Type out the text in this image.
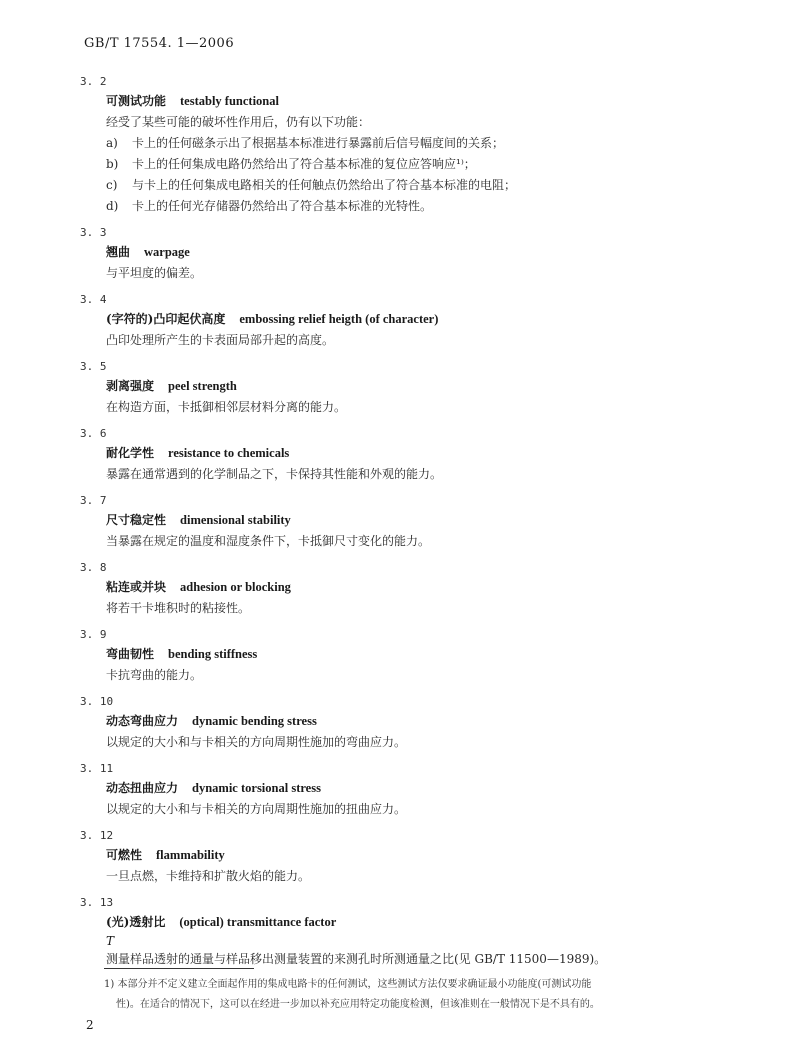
GB/T 17554. 1—2006
3. 2
可测试功能 testably functional
经受了某些可能的破坏性作用后，仍有以下功能：
a) 卡上的任何磁条示出了根据基本标准进行暴露前后信号幅度间的关系；
b) 卡上的任何集成电路仍然给出了符合基本标准的复位应答响应¹⁾；
c) 与卡上的任何集成电路相关的任何触点仍然给出了符合基本标准的电阻；
d) 卡上的任何光存储器仍然给出了符合基本标准的光特性。
3. 3
翘曲 warpage
与平坦度的偏差。
3. 4
(字符的)凸印起伏高度 embossing relief heigth (of character)
凸印处理所产生的卡表面局部升起的高度。
3. 5
剥离强度 peel strength
在构造方面，卡抵御相邻层材料分离的能力。
3. 6
耐化学性 resistance to chemicals
暴露在通常遇到的化学制品之下，卡保持其性能和外观的能力。
3. 7
尺寸稳定性 dimensional stability
当暴露在规定的温度和湿度条件下，卡抵御尺寸变化的能力。
3. 8
粘连或并块 adhesion or blocking
将若干卡堆积时的粘接性。
3. 9
弯曲韧性 bending stiffness
卡抗弯曲的能力。
3. 10
动态弯曲应力 dynamic bending stress
以规定的大小和与卡相关的方向周期性施加的弯曲应力。
3. 11
动态扭曲应力 dynamic torsional stress
以规定的大小和与卡相关的方向周期性施加的扭曲应力。
3. 12
可燃性 flammability
一旦点燃，卡维持和扩散火焰的能力。
3. 13
(光)透射比 (optical) transmittance factor
T
测量样品透射的通量与样品移出测量装置的来测孔时所测通量之比(见 GB/T 11500—1989)。
1) 本部分并不定义建立全面起作用的集成电路卡的任何测试，这些测试方法仅要求确证最小功能度(可测试功能
性)。在适合的情况下，这可以在经进一步加以补充应用特定功能度检测，但该准则在一般情况下是不具有的。
2
